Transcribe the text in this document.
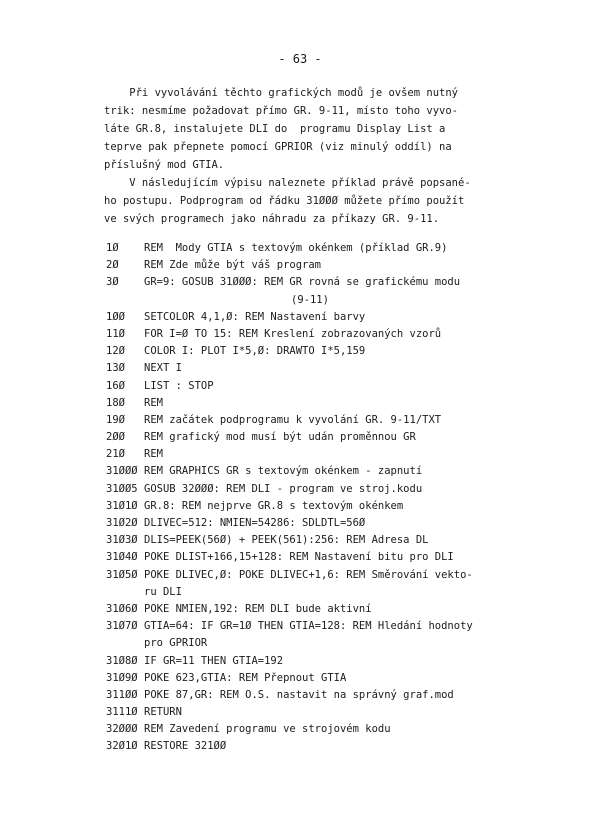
- 63 -

Při vyvolávání těchto grafických modů je ovšem nutný

trik: nesmíme požadovat přímo GR. 9-11, místo toho vyvo-

láte GR.8, instalujete DLI do  programu Display List a

teprve pak přepnete pomocí GPRIOR (viz minulý oddíl) na

příslušný mod GTIA.

V následujícím výpisu naleznete příklad právě popsané-

ho postupu. Podprogram od řádku 31ØØØ můžete přímo použít

ve svých programech jako náhradu za příkazy GR. 9-11.

1Ø REM  Mody GTIA s textovým okénkem (příklad GR.9)
2Ø REM Zde může být váš program
3Ø GR=9: GOSUB 31ØØØ: REM GR rovná se grafickému modu
(9-11)
1ØØ SETCOLOR 4,1,Ø: REM Nastavení barvy
11Ø FOR I=Ø TO 15: REM Kreslení zobrazovaných vzorů
12Ø COLOR I: PLOT I*5,Ø: DRAWTO I*5,159
13Ø NEXT I
16Ø LIST : STOP
18Ø REM
19Ø REM začátek podprogramu k vyvolání GR. 9-11/TXT
2ØØ REM grafický mod musí být udán proměnnou GR
21Ø REM
31ØØØ REM GRAPHICS GR s textovým okénkem - zapnutí
31ØØ5 GOSUB 32ØØØ: REM DLI - program ve stroj.kodu
31Ø1Ø GR.8: REM nejprve GR.8 s textovým okénkem
31Ø2Ø DLIVEC=512: NMIEN=54286: SDLDTL=56Ø
31Ø3Ø DLIS=PEEK(56Ø) + PEEK(561):256: REM Adresa DL
31Ø4Ø POKE DLIST+166,15+128: REM Nastavení bitu pro DLI
31Ø5Ø POKE DLIVEC,Ø: POKE DLIVEC+1,6: REM Směrování vekto-
ru DLI
31Ø6Ø POKE NMIEN,192: REM DLI bude aktivní
31Ø7Ø GTIA=64: IF GR=1Ø THEN GTIA=128: REM Hledání hodnoty
pro GPRIOR
31Ø8Ø IF GR=11 THEN GTIA=192
31Ø9Ø POKE 623,GTIA: REM Přepnout GTIA
311ØØ POKE 87,GR: REM O.S. nastavit na správný graf.mod
3111Ø RETURN
32ØØØ REM Zavedení programu ve strojovém kodu
32Ø1Ø RESTORE 321ØØ
